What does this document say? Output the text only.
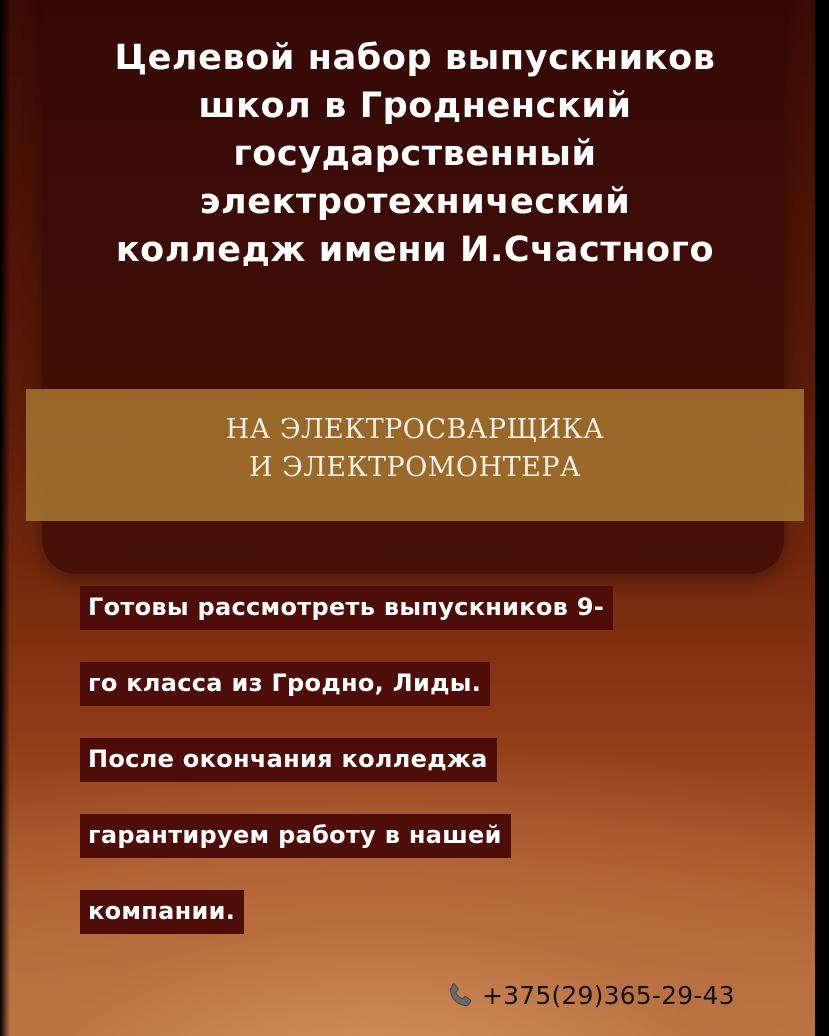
Целевой набор выпускников
школ в Гродненский
государственный
электротехнический
колледж имени И.Счастного

НА ЭЛЕКТРОСВАРЩИКА
И ЭЛЕКТРОМОНТЕРА

Готовы рассмотреть выпускников 9-
го класса из Гродно, Лиды.
После окончания колледжа
гарантируем работу в нашей
компании.
+375(29)365-29-43
